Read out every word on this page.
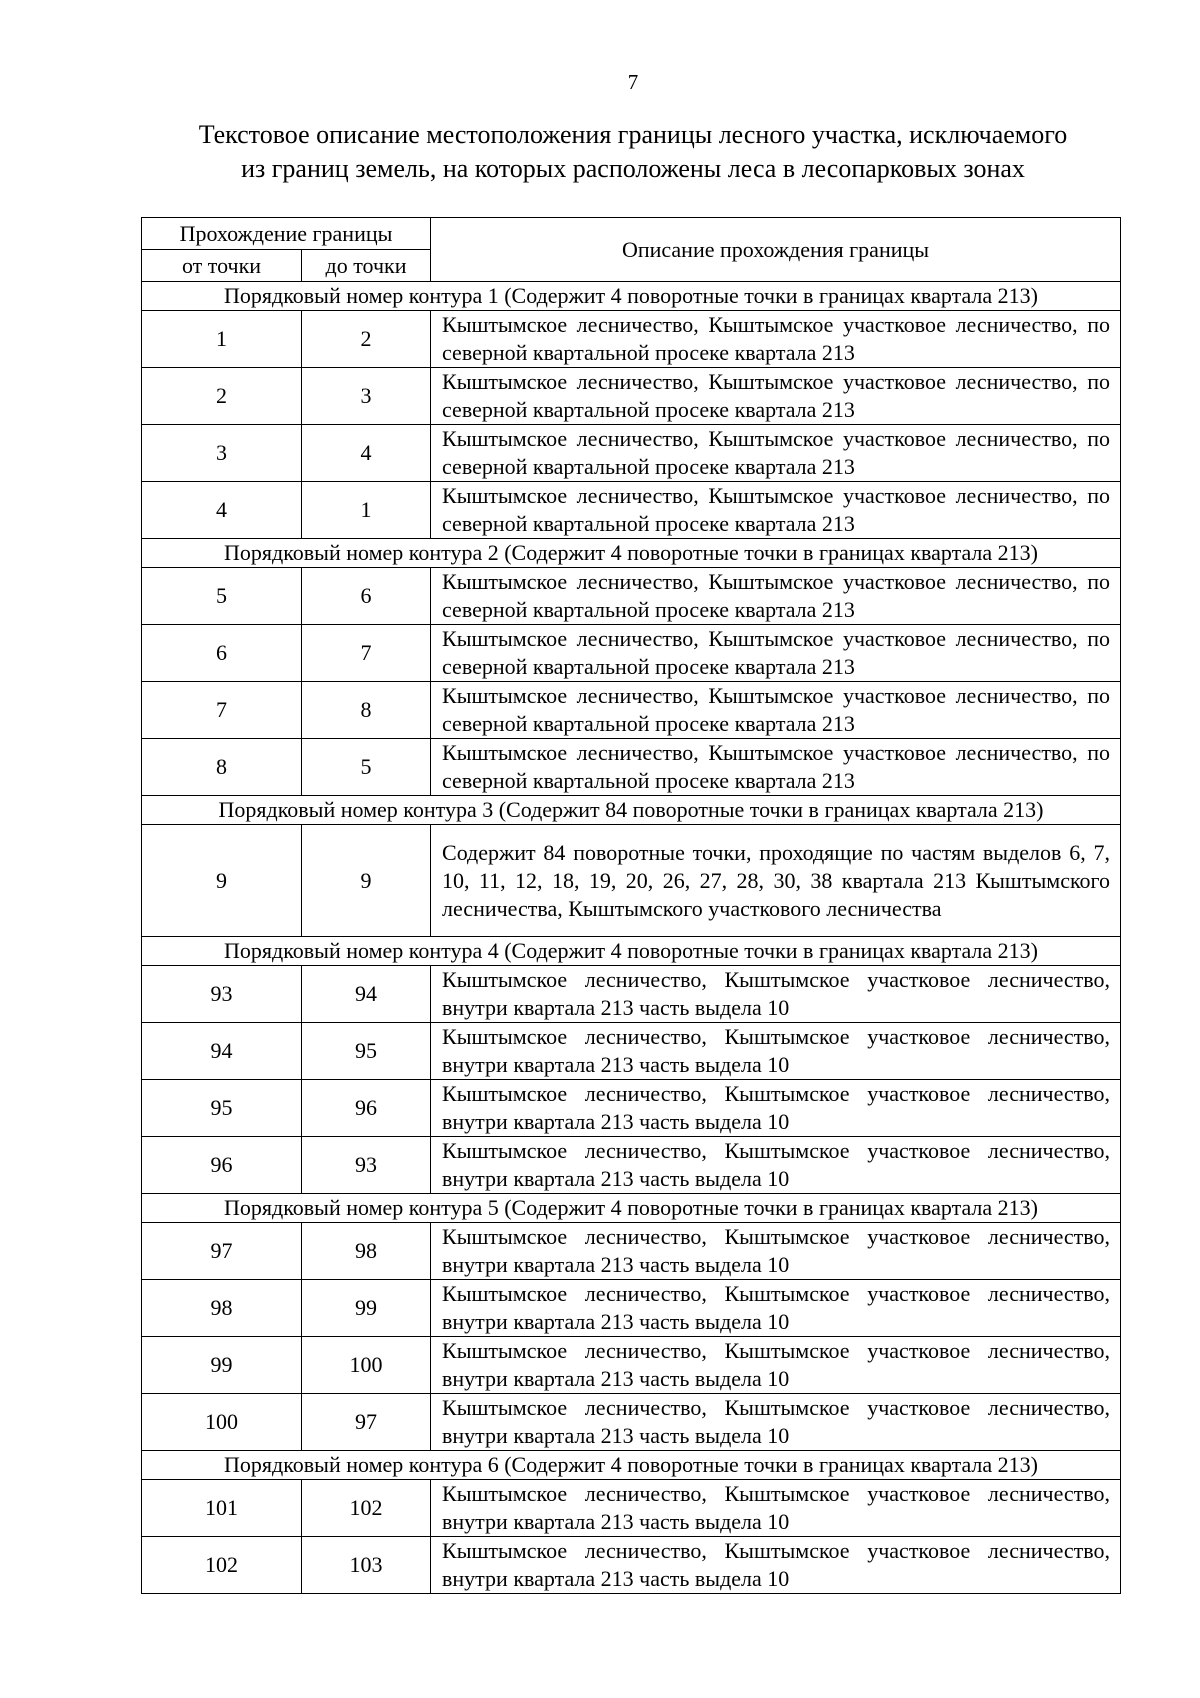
7
Текстовое описание местоположения границы лесного участка, исключаемого
из границ земель, на которых расположены леса в лесопарковых зонах
Прохождение границы		Описание прохождения границы
от точки	до точки	
Порядковый номер контура 1 (Содержит 4 поворотные точки в границах квартала 213)		
1	2	Кыштымское лесничество, Кыштымское участковое лесничество, по северной квартальной просеке квартала 213
2	3	Кыштымское лесничество, Кыштымское участковое лесничество, по северной квартальной просеке квартала 213
3	4	Кыштымское лесничество, Кыштымское участковое лесничество, по северной квартальной просеке квартала 213
4	1	Кыштымское лесничество, Кыштымское участковое лесничество, по северной квартальной просеке квартала 213
Порядковый номер контура 2 (Содержит 4 поворотные точки в границах квартала 213)		
5	6	Кыштымское лесничество, Кыштымское участковое лесничество, по северной квартальной просеке квартала 213
6	7	Кыштымское лесничество, Кыштымское участковое лесничество, по северной квартальной просеке квартала 213
7	8	Кыштымское лесничество, Кыштымское участковое лесничество, по северной квартальной просеке квартала 213
8	5	Кыштымское лесничество, Кыштымское участковое лесничество, по северной квартальной просеке квартала 213
Порядковый номер контура 3 (Содержит 84 поворотные точки в границах квартала 213)		
9	9	Содержит 84 поворотные точки, проходящие по частям выделов 6, 7, 10, 11, 12, 18, 19, 20, 26, 27, 28, 30, 38 квартала 213 Кыштымского лесничества, Кыштымского участкового лесничества
Порядковый номер контура 4 (Содержит 4 поворотные точки в границах квартала 213)		
93	94	Кыштымское лесничество, Кыштымское участковое лесничество, внутри квартала 213 часть выдела 10
94	95	Кыштымское лесничество, Кыштымское участковое лесничество, внутри квартала 213 часть выдела 10
95	96	Кыштымское лесничество, Кыштымское участковое лесничество, внутри квартала 213 часть выдела 10
96	93	Кыштымское лесничество, Кыштымское участковое лесничество, внутри квартала 213 часть выдела 10
Порядковый номер контура 5 (Содержит 4 поворотные точки в границах квартала 213)		
97	98	Кыштымское лесничество, Кыштымское участковое лесничество, внутри квартала 213 часть выдела 10
98	99	Кыштымское лесничество, Кыштымское участковое лесничество, внутри квартала 213 часть выдела 10
99	100	Кыштымское лесничество, Кыштымское участковое лесничество, внутри квартала 213 часть выдела 10
100	97	Кыштымское лесничество, Кыштымское участковое лесничество, внутри квартала 213 часть выдела 10
Порядковый номер контура 6 (Содержит 4 поворотные точки в границах квартала 213)		
101	102	Кыштымское лесничество, Кыштымское участковое лесничество, внутри квартала 213 часть выдела 10
102	103	Кыштымское лесничество, Кыштымское участковое лесничество, внутри квартала 213 часть выдела 10
